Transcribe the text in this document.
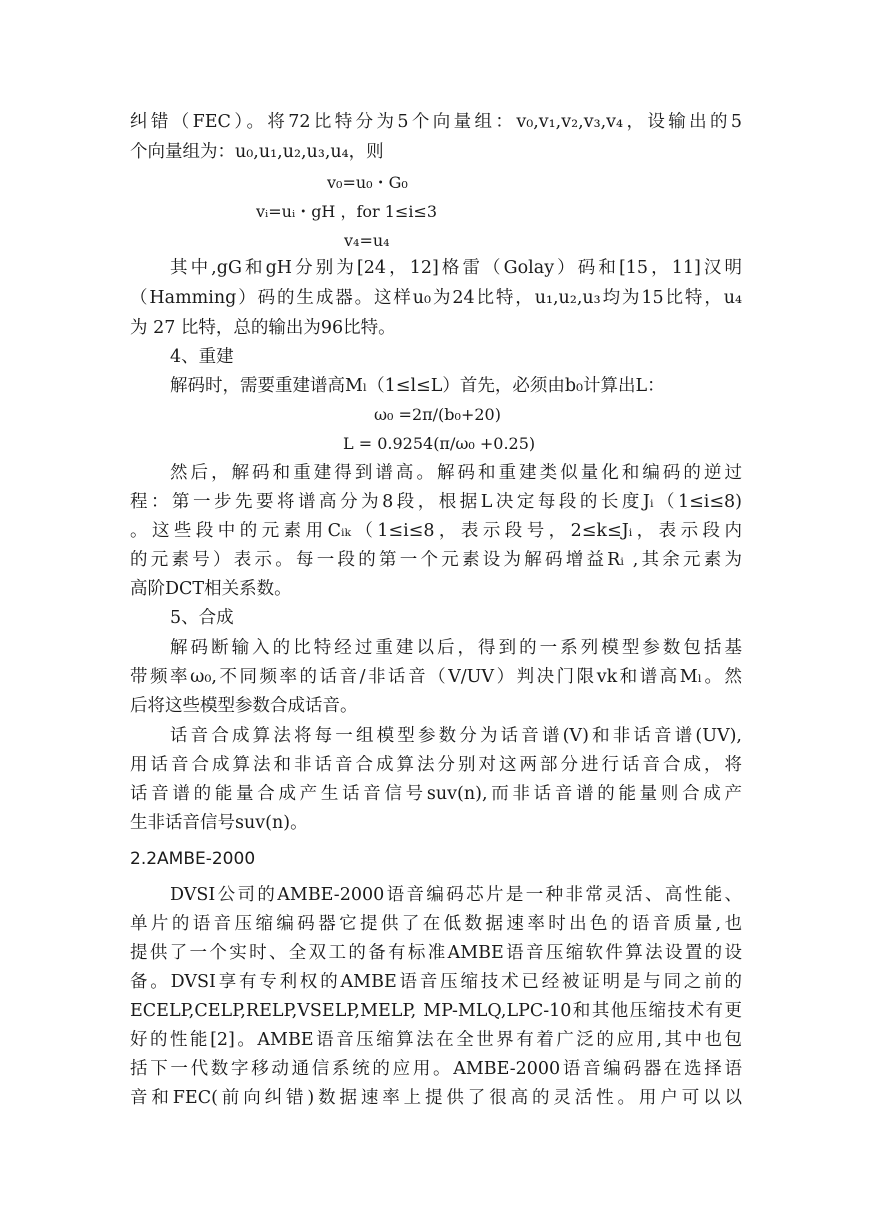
纠错（FEC）。将72比特分为5个向量组：v₀,v₁,v₂,v₃,v₄，设输出的5
个向量组为：u₀,u₁,u₂,u₃,u₄，则
v₀=u₀・G₀
vᵢ=uᵢ・gH ，for 1≤i≤3
v₄=u₄
其中,gG和gH分别为[24，12]格雷（Golay）码和[15，11]汉明
（Hamming）码的生成器。这样u₀为24比特，u₁,u₂,u₃均为15比特，u₄
为 27 比特，总的输出为96比特。
4、重建
解码时，需要重建谱高Mₗ（1≤l≤L）首先，必须由b₀计算出L：
ω₀ =2π/(b₀+20)
L = 0.9254(π/ω₀ +0.25)
然后，解码和重建得到谱高。解码和重建类似量化和编码的逆过
程：第一步先要将谱高分为8段，根据L决定每段的长度Jᵢ（1≤i≤8)
。这些段中的元素用Cᵢₖ（1≤i≤8，表示段号，2≤k≤Jᵢ，表示段内
的元素号）表示。每一段的第一个元素设为解码增益Rᵢ ,其余元素为
高阶DCT相关系数。
5、合成
解码断输入的比特经过重建以后，得到的一系列模型参数包括基
带频率ω₀,不同频率的话音/非话音（V/UV）判决门限vk和谱高Mₗ。然
后将这些模型参数合成话音。
话音合成算法将每一组模型参数分为话音谱(V)和非话音谱(UV),
用话音合成算法和非话音合成算法分别对这两部分进行话音合成，将
话音谱的能量合成产生话音信号suv(n),而非话音谱的能量则合成产
生非话音信号suv(n)。
2.2AMBE-2000
DVSI公司的AMBE-2000语音编码芯片是一种非常灵活、高性能、
单片的语音压缩编码器它提供了在低数据速率时出色的语音质量,也
提供了一个实时、全双工的备有标准AMBE语音压缩软件算法设置的设
备。DVSI享有专利权的AMBE语音压缩技术已经被证明是与同之前的
ECELP,CELP,RELP,VSELP,MELP, MP-MLQ,LPC-10和其他压缩技术有更
好的性能[2]。AMBE语音压缩算法在全世界有着广泛的应用,其中也包
括下一代数字移动通信系统的应用。AMBE-2000语音编码器在选择语
音和FEC(前向纠错)数据速率上提供了很高的灵活性。用户可以以
